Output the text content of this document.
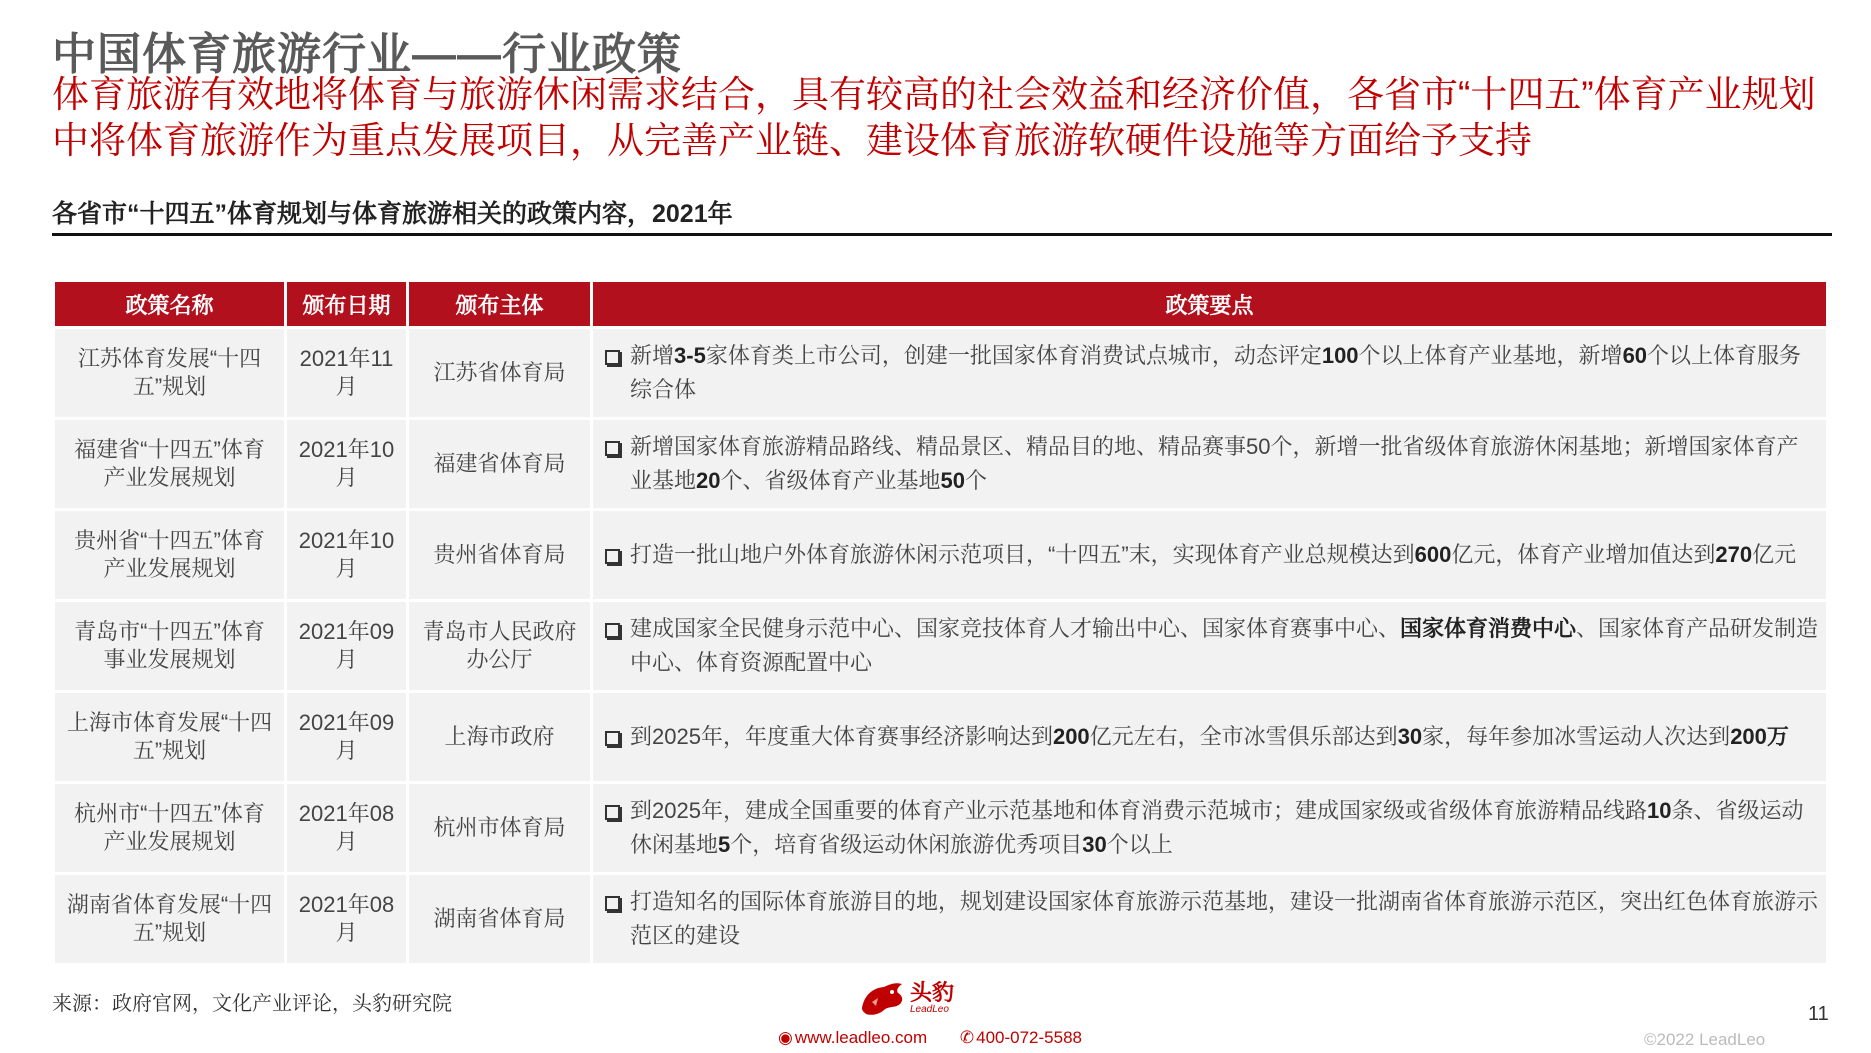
中国体育旅游行业——行业政策
体育旅游有效地将体育与旅游休闲需求结合，具有较高的社会效益和经济价值，各省市“十四五”体育产业规划中将体育旅游作为重点发展项目，从完善产业链、建设体育旅游软硬件设施等方面给予支持
各省市“十四五”体育规划与体育旅游相关的政策内容，2021年
政策名称	颁布日期	颁布主体	政策要点
江苏体育发展“十四五”规划	2021年11月	江苏省体育局	新增3-5家体育类上市公司，创建一批国家体育消费试点城市，动态评定100个以上体育产业基地，新增60个以上体育服务综合体

福建省“十四五”体育产业发展规划	2021年10月	福建省体育局	新增国家体育旅游精品路线、精品景区、精品目的地、精品赛事50个，新增一批省级体育旅游休闲基地；新增国家体育产业基地20个、省级体育产业基地50个

贵州省“十四五”体育产业发展规划	2021年10月	贵州省体育局	打造一批山地户外体育旅游休闲示范项目，“十四五”末，实现体育产业总规模达到600亿元，体育产业增加值达到270亿元

青岛市“十四五”体育事业发展规划	2021年09月	青岛市人民政府办公厅	建成国家全民健身示范中心、国家竞技体育人才输出中心、国家体育赛事中心、国家体育消费中心、国家体育产品研发制造中心、体育资源配置中心

上海市体育发展“十四五”规划	2021年09月	上海市政府	到2025年，年度重大体育赛事经济影响达到200亿元左右，全市冰雪俱乐部达到30家，每年参加冰雪运动人次达到200万

杭州市“十四五”体育产业发展规划	2021年08月	杭州市体育局	到2025年，建成全国重要的体育产业示范基地和体育消费示范城市；建成国家级或省级体育旅游精品线路10条、省级运动休闲基地5个，培育省级运动休闲旅游优秀项目30个以上

湖南省体育发展“十四五”规划	2021年08月	湖南省体育局	打造知名的国际体育旅游目的地，规划建设国家体育旅游示范基地，建设一批湖南省体育旅游示范区，突出红色体育旅游示范区的建设
来源：政府官网，文化产业评论，头豹研究院	头豹
LeadLeo
◉ www.leadleo.com ✆ 400-072-5588
11
©2022 LeadLeo
